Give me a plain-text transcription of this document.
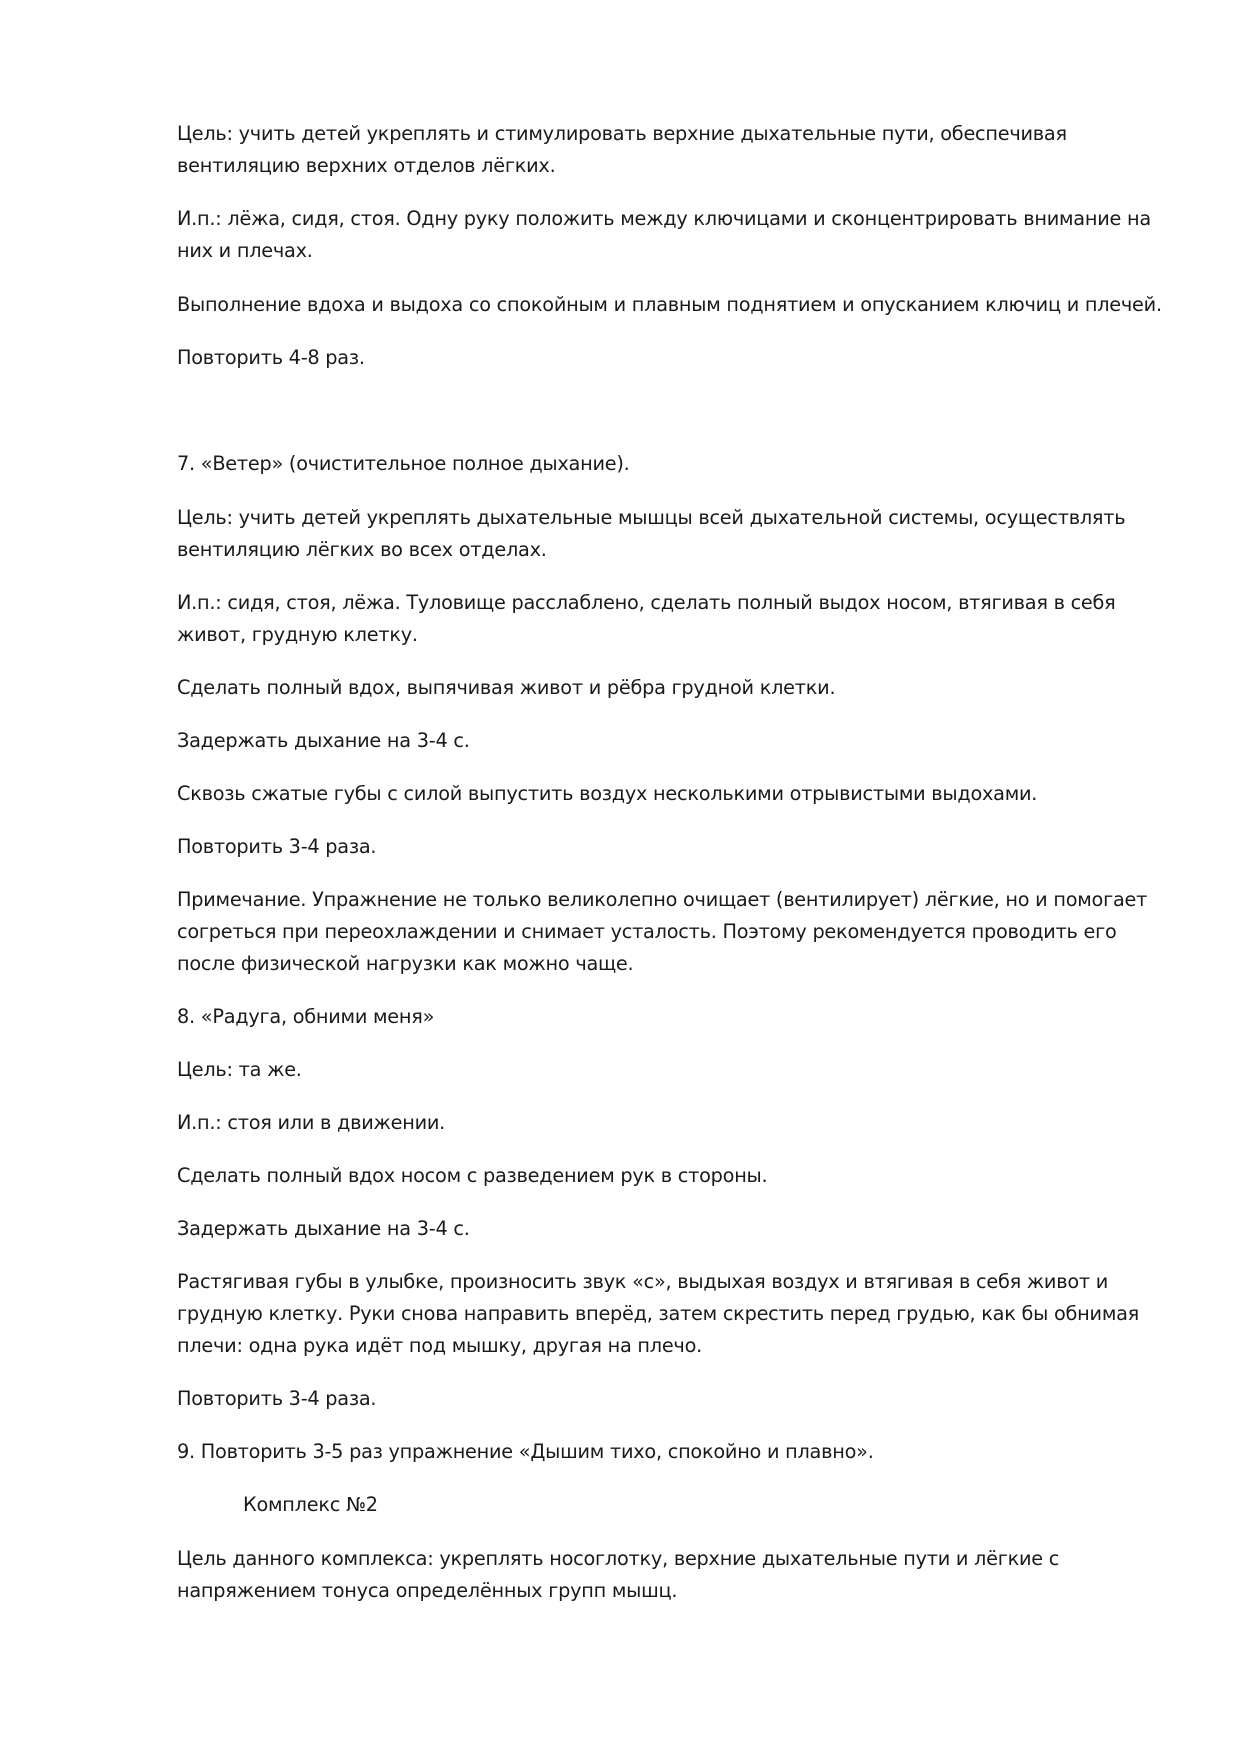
Цель: учить детей укреплять и стимулировать верхние дыхательные пути, обеспечивая вентиляцию верхних отделов лёгких.

И.п.: лёжа, сидя, стоя. Одну руку положить между ключицами и сконцентрировать внимание на них и плечах.

Выполнение вдоха и выдоха со спокойным и плавным поднятием и опусканием ключиц и плечей.

Повторить 4-8 раз.

7. «Ветер» (очистительное полное дыхание).

Цель: учить детей укреплять дыхательные мышцы всей дыхательной системы, осуществлять вентиляцию лёгких во всех отделах.

И.п.: сидя, стоя, лёжа. Туловище расслаблено, сделать полный выдох носом, втягивая в себя живот, грудную клетку.

Сделать полный вдох, выпячивая живот и рёбра грудной клетки.

Задержать дыхание на 3-4 с.

Сквозь сжатые губы с силой выпустить воздух несколькими отрывистыми выдохами.

Повторить 3-4 раза.

Примечание. Упражнение не только великолепно очищает (вентилирует) лёгкие, но и помогает согреться при переохлаждении и снимает усталость. Поэтому рекомендуется проводить его после физической нагрузки как можно чаще.

8. «Радуга, обними меня»

Цель: та же.

И.п.: стоя или в движении.

Сделать полный вдох носом с разведением рук в стороны.

Задержать дыхание на 3-4 с.

Растягивая губы в улыбке, произносить звук «с», выдыхая воздух и втягивая в себя живот и грудную клетку. Руки снова направить вперёд, затем скрестить перед грудью, как бы обнимая плечи: одна рука идёт под мышку, другая на плечо.

Повторить 3-4 раза.

9. Повторить 3-5 раз упражнение «Дышим тихо, спокойно и плавно».

Комплекс №2

Цель данного комплекса: укреплять носоглотку, верхние дыхательные пути и лёгкие с напряжением тонуса определённых групп мышц.
